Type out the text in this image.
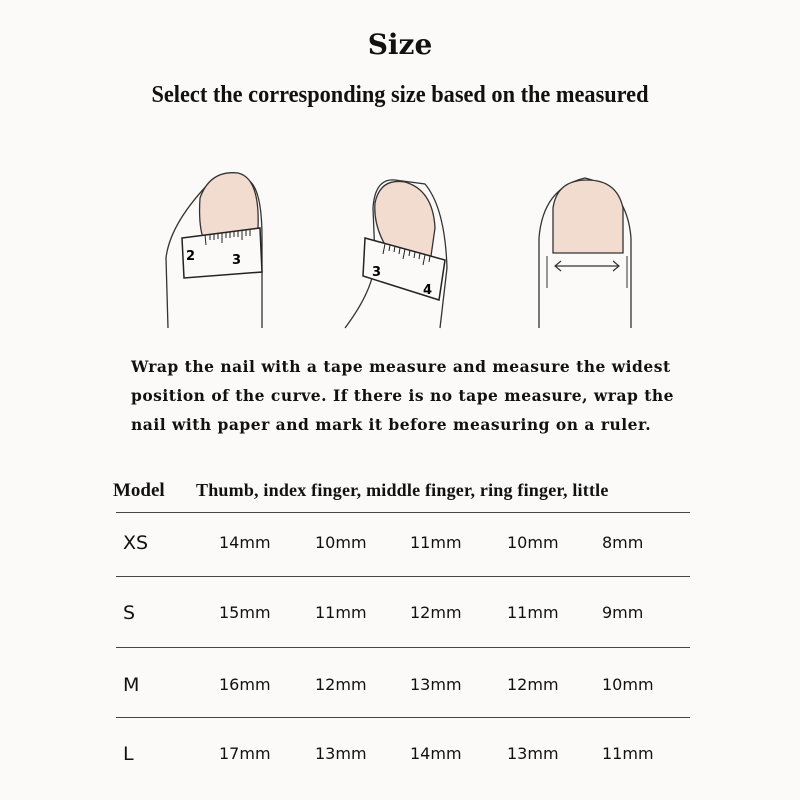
Size
Select the corresponding size based on the measured
2	3
3
4
Wrap the nail with a tape measure and measure the widest
position of the curve. If there is no tape measure, wrap the
nail with paper and mark it before measuring on a ruler.
Model Thumb, index finger, middle finger, ring finger, little
XS	14mm	10mm	11mm	10mm	8mm
S	15mm	11mm	12mm	11mm	9mm
M	16mm	12mm	13mm	12mm	10mm
L	17mm	13mm	14mm	13mm	11mm
